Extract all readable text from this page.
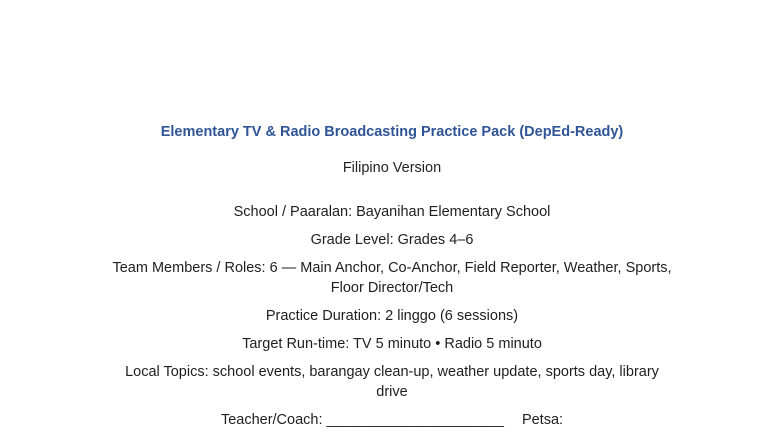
Elementary TV & Radio Broadcasting Practice Pack (DepEd-Ready)
Filipino Version

School / Paaralan: Bayanihan Elementary School

Grade Level: Grades 4–6

Team Members / Roles: 6 — Main Anchor, Co-Anchor, Field Reporter, Weather, Sports, Floor Director/Tech

Practice Duration: 2 linggo (6 sessions)

Target Run-time: TV 5 minuto • Radio 5 minuto

Local Topics: school events, barangay clean-up, weather update, sports day, library drive

Teacher/Coach: ______________________ Petsa:
